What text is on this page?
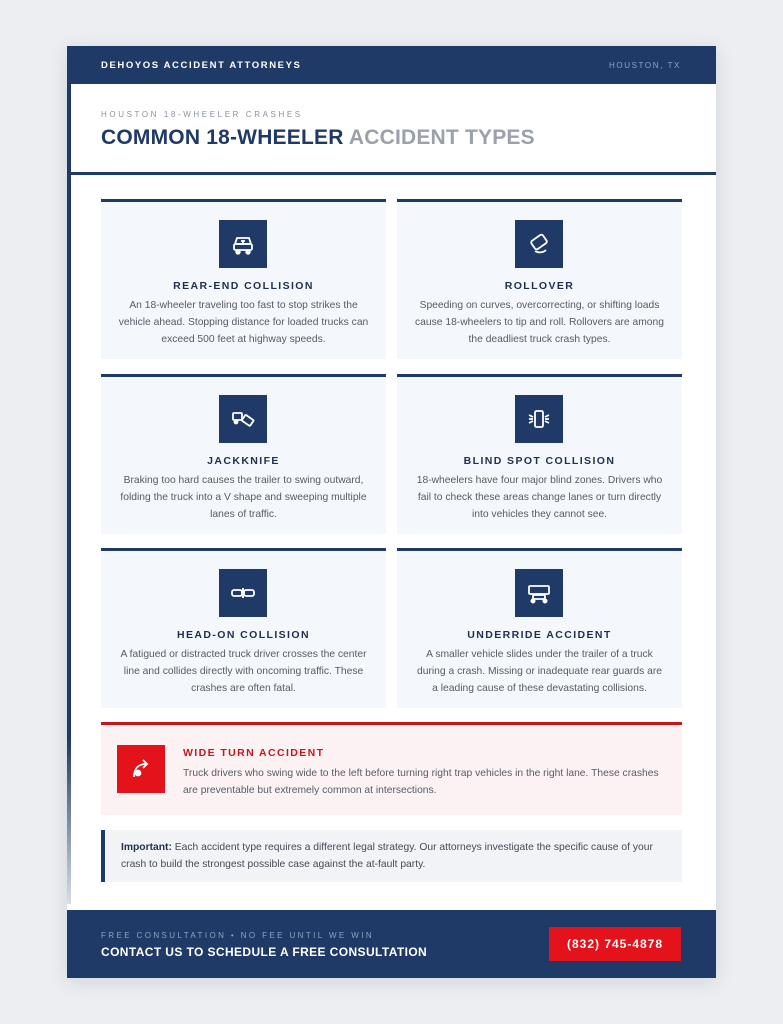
DEHOYOS ACCIDENT ATTORNEYS	HOUSTON, TX
HOUSTON 18-WHEELER CRASHES
COMMON 18-WHEELER ACCIDENT TYPES
REAR-END COLLISION

An 18-wheeler traveling too fast to stop strikes the vehicle ahead. Stopping distance for loaded trucks can exceed 500 feet at highway speeds.

ROLLOVER

Speeding on curves, overcorrecting, or shifting loads cause 18-wheelers to tip and roll. Rollovers are among the deadliest truck crash types.

JACKKNIFE

Braking too hard causes the trailer to swing outward, folding the truck into a V shape and sweeping multiple lanes of traffic.

BLIND SPOT COLLISION

18-wheelers have four major blind zones. Drivers who fail to check these areas change lanes or turn directly into vehicles they cannot see.

HEAD-ON COLLISION

A fatigued or distracted truck driver crosses the center line and collides directly with oncoming traffic. These crashes are often fatal.

UNDERRIDE ACCIDENT

A smaller vehicle slides under the trailer of a truck during a crash. Missing or inadequate rear guards are a leading cause of these devastating collisions.

WIDE TURN ACCIDENT

Truck drivers who swing wide to the left before turning right trap vehicles in the right lane. These crashes are preventable but extremely common at intersections.

Important: Each accident type requires a different legal strategy. Our attorneys investigate the specific cause of your crash to build the strongest possible case against the at-fault party.
FREE CONSULTATION • NO FEE UNTIL WE WIN
CONTACT US TO SCHEDULE A FREE CONSULTATION
(832) 745-4878
